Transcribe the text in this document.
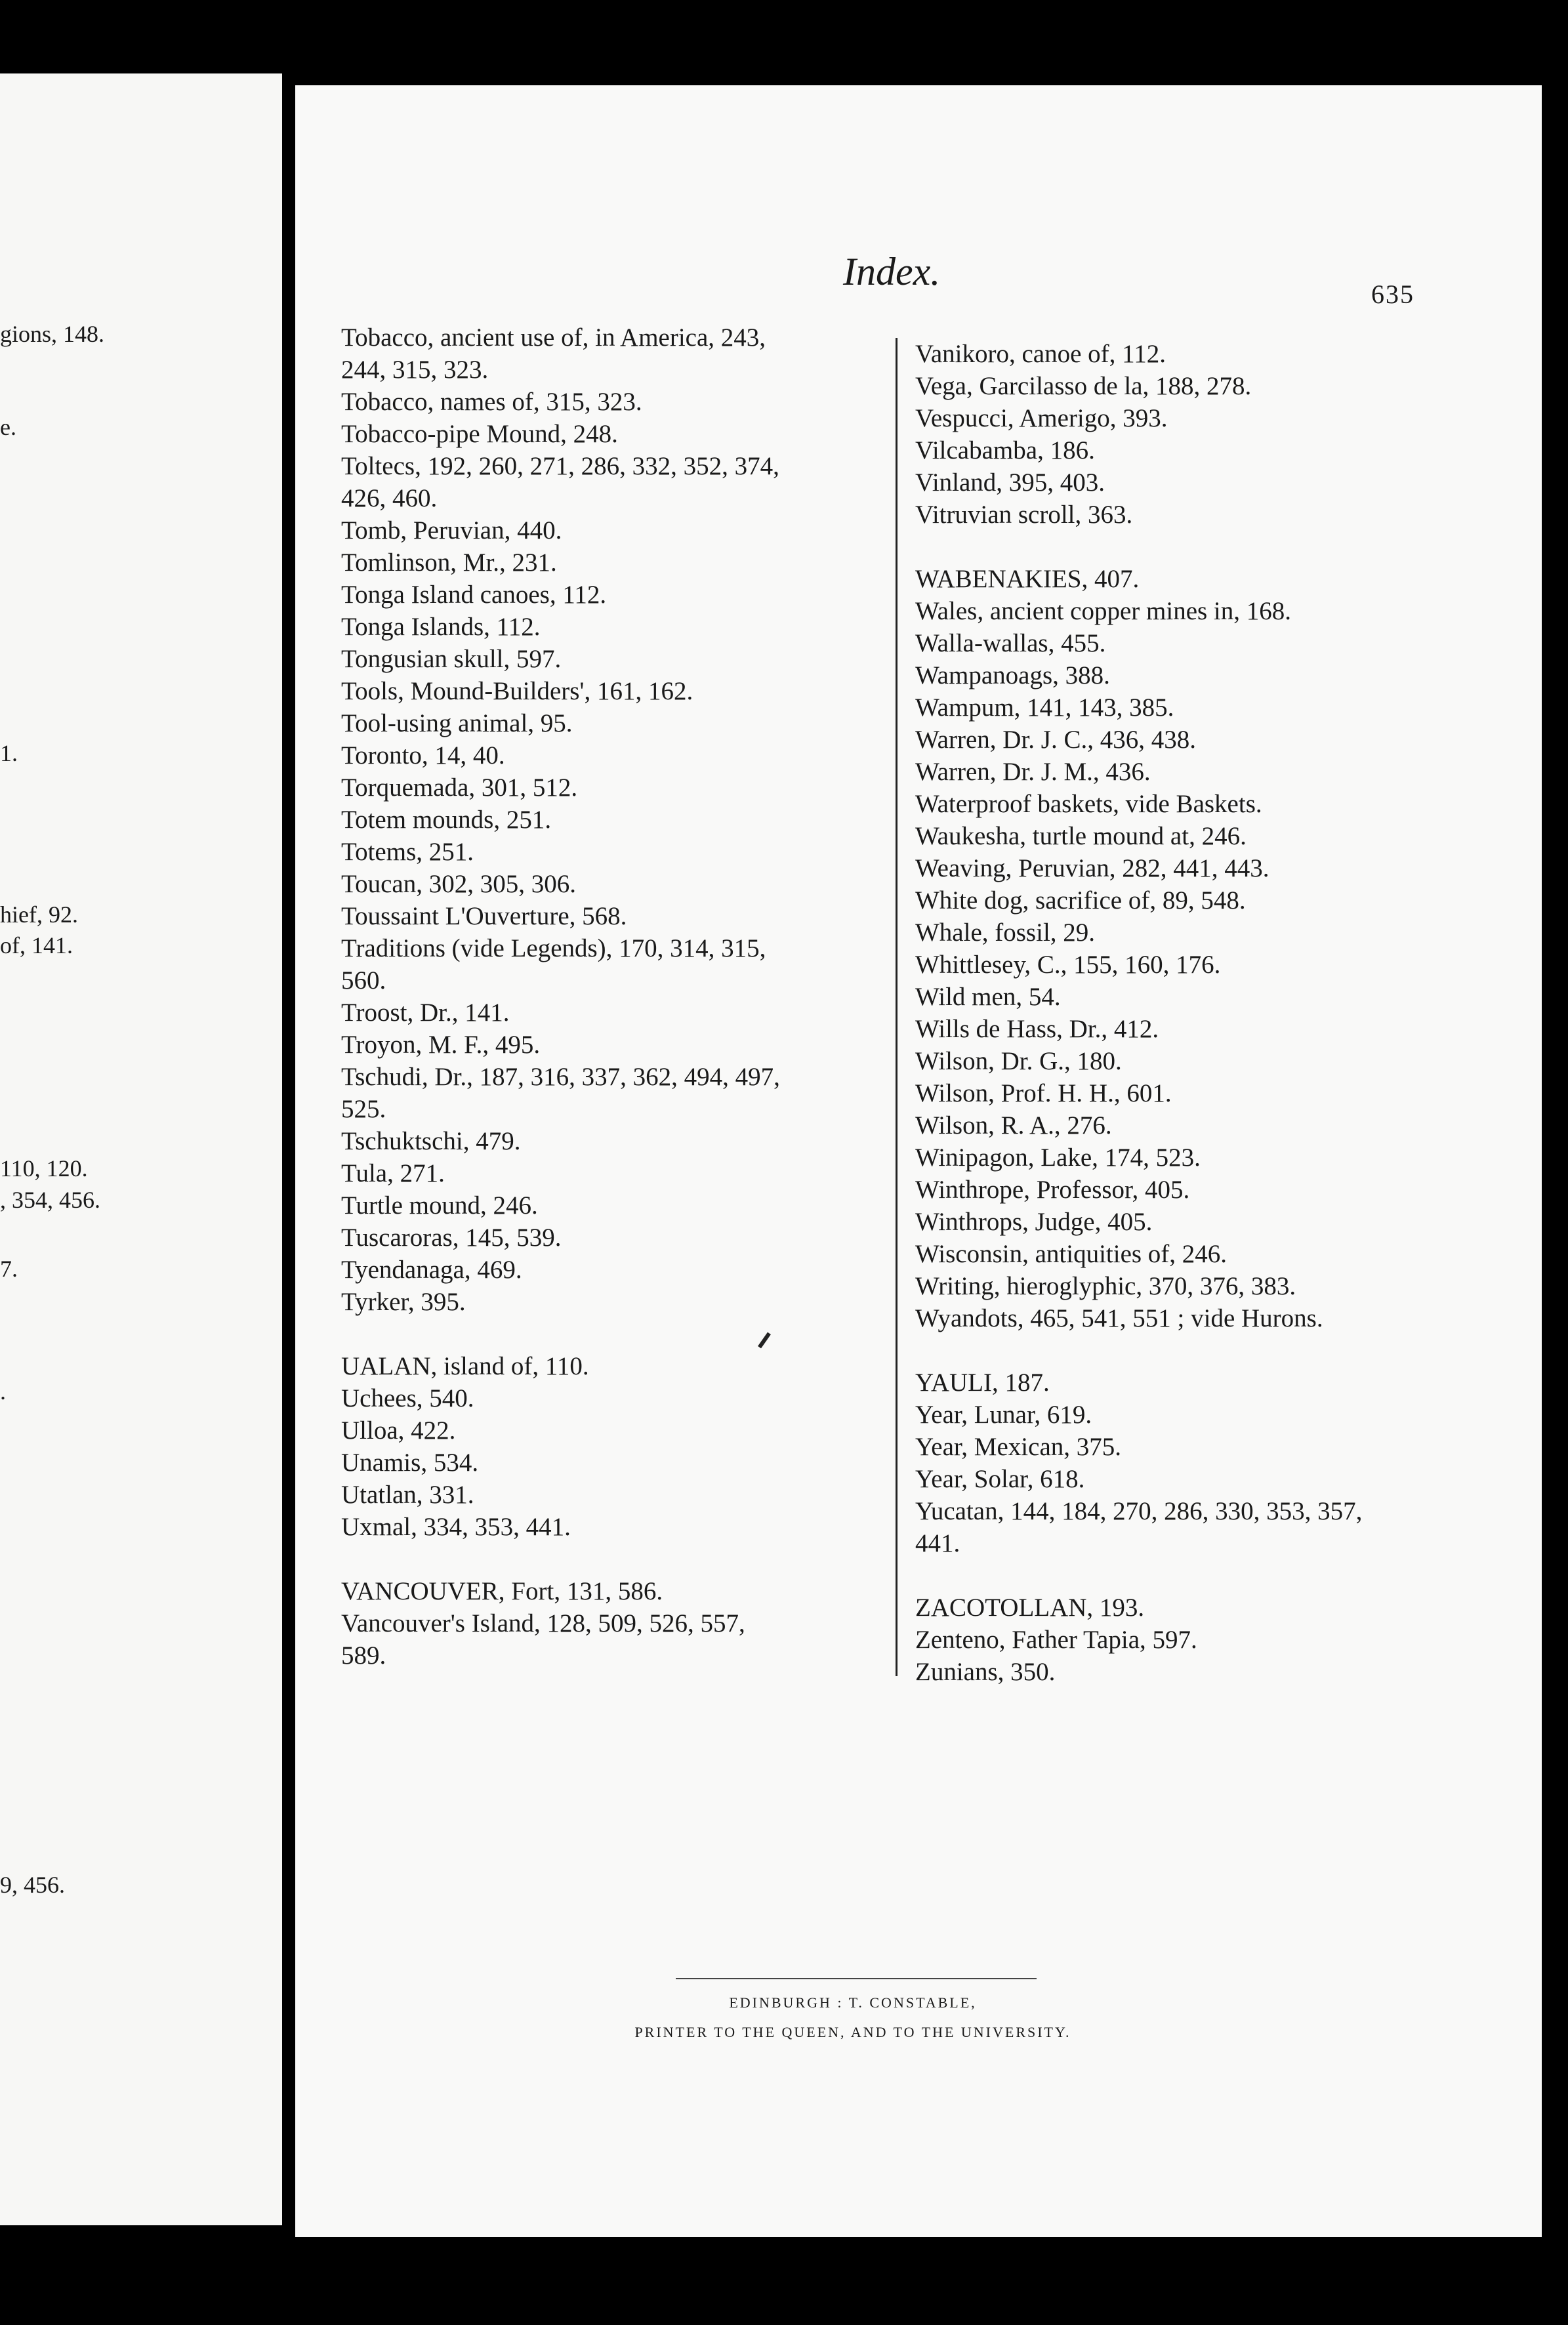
gions, 148.
e.
1.
hief, 92.
of, 141.
110, 120.
, 354, 456.
7.
.
9, 456.
Index.
635
Tobacco, ancient use of, in America, 243,
244, 315, 323.
Tobacco, names of, 315, 323.
Tobacco-pipe Mound, 248.
Toltecs, 192, 260, 271, 286, 332, 352, 374,
426, 460.
Tomb, Peruvian, 440.
Tomlinson, Mr., 231.
Tonga Island canoes, 112.
Tonga Islands, 112.
Tongusian skull, 597.
Tools, Mound-Builders', 161, 162.
Tool-using animal, 95.
Toronto, 14, 40.
Torquemada, 301, 512.
Totem mounds, 251.
Totems, 251.
Toucan, 302, 305, 306.
Toussaint L'Ouverture, 568.
Traditions (vide Legends), 170, 314, 315,
560.
Troost, Dr., 141.
Troyon, M. F., 495.
Tschudi, Dr., 187, 316, 337, 362, 494, 497,
525.
Tschuktschi, 479.
Tula, 271.
Turtle mound, 246.
Tuscaroras, 145, 539.
Tyendanaga, 469.
Tyrker, 395.
UALAN, island of, 110.
Uchees, 540.
Ulloa, 422.
Unamis, 534.
Utatlan, 331.
Uxmal, 334, 353, 441.
VANCOUVER, Fort, 131, 586.
Vancouver's Island, 128, 509, 526, 557,
589.
Vanikoro, canoe of, 112.
Vega, Garcilasso de la, 188, 278.
Vespucci, Amerigo, 393.
Vilcabamba, 186.
Vinland, 395, 403.
Vitruvian scroll, 363.
WABENAKIES, 407.
Wales, ancient copper mines in, 168.
Walla-wallas, 455.
Wampanoags, 388.
Wampum, 141, 143, 385.
Warren, Dr. J. C., 436, 438.
Warren, Dr. J. M., 436.
Waterproof baskets, vide Baskets.
Waukesha, turtle mound at, 246.
Weaving, Peruvian, 282, 441, 443.
White dog, sacrifice of, 89, 548.
Whale, fossil, 29.
Whittlesey, C., 155, 160, 176.
Wild men, 54.
Wills de Hass, Dr., 412.
Wilson, Dr. G., 180.
Wilson, Prof. H. H., 601.
Wilson, R. A., 276.
Winipagon, Lake, 174, 523.
Winthrope, Professor, 405.
Winthrops, Judge, 405.
Wisconsin, antiquities of, 246.
Writing, hieroglyphic, 370, 376, 383.
Wyandots, 465, 541, 551 ; vide Hurons.
YAULI, 187.
Year, Lunar, 619.
Year, Mexican, 375.
Year, Solar, 618.
Yucatan, 144, 184, 270, 286, 330, 353, 357,
441.
ZACOTOLLAN, 193.
Zenteno, Father Tapia, 597.
Zunians, 350.
EDINBURGH : T. CONSTABLE,
PRINTER TO THE QUEEN, AND TO THE UNIVERSITY.
